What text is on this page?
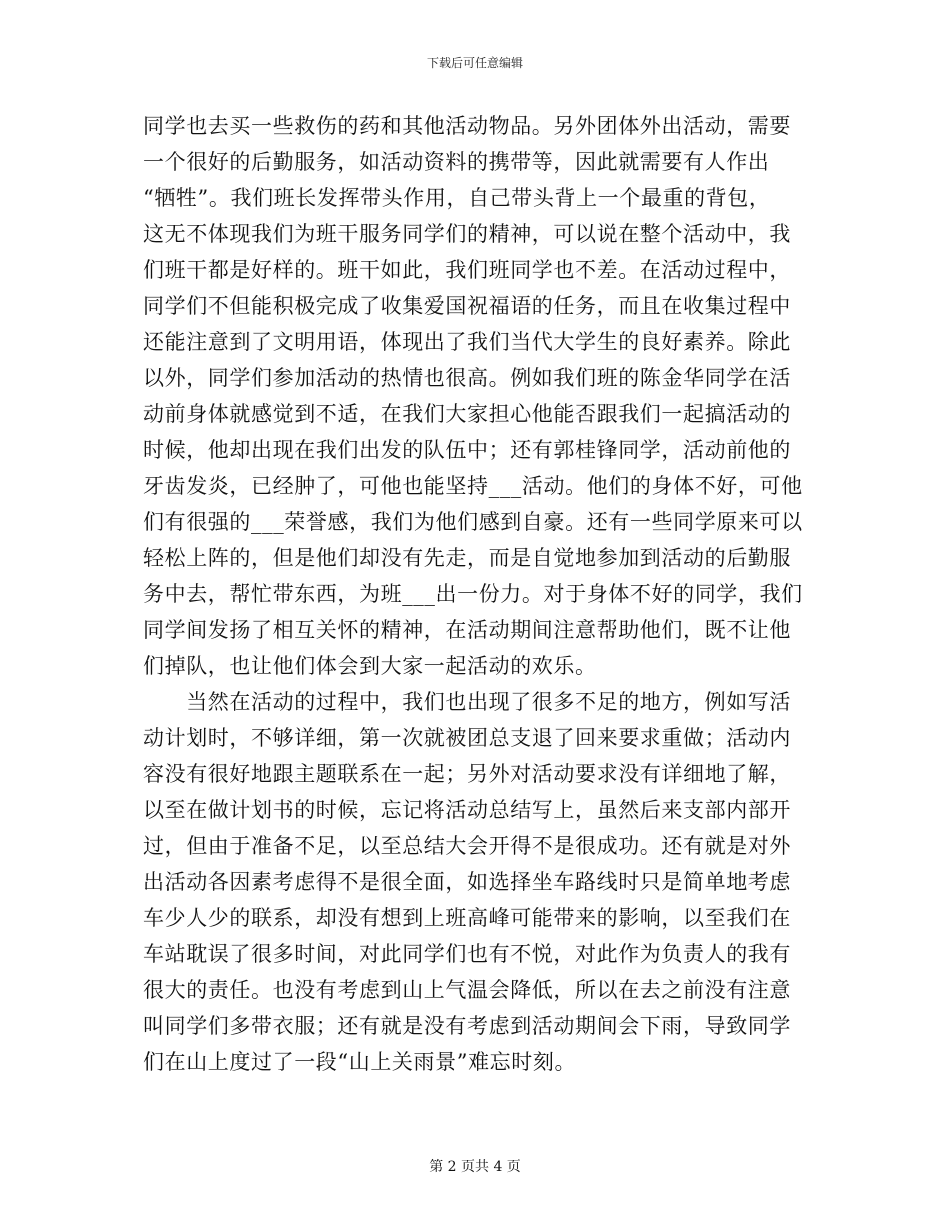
下载后可任意编辑
同学也去买一些救伤的药和其他活动物品。另外团体外出活动，需要
一个很好的后勤服务，如活动资料的携带等，因此就需要有人作出
“牺牲”。我们班长发挥带头作用，自己带头背上一个最重的背包，
这无不体现我们为班干服务同学们的精神，可以说在整个活动中，我
们班干都是好样的。班干如此，我们班同学也不差。在活动过程中，
同学们不但能积极完成了收集爱国祝福语的任务，而且在收集过程中
还能注意到了文明用语，体现出了我们当代大学生的良好素养。除此
以外，同学们参加活动的热情也很高。例如我们班的陈金华同学在活
动前身体就感觉到不适，在我们大家担心他能否跟我们一起搞活动的
时候，他却出现在我们出发的队伍中；还有郭桂锋同学，活动前他的
牙齿发炎，已经肿了，可他也能坚持___活动。他们的身体不好，可他
们有很强的___荣誉感，我们为他们感到自豪。还有一些同学原来可以
轻松上阵的，但是他们却没有先走，而是自觉地参加到活动的后勤服
务中去，帮忙带东西，为班___出一份力。对于身体不好的同学，我们
同学间发扬了相互关怀的精神，在活动期间注意帮助他们，既不让他
们掉队，也让他们体会到大家一起活动的欢乐。
　　当然在活动的过程中，我们也出现了很多不足的地方，例如写活
动计划时，不够详细，第一次就被团总支退了回来要求重做；活动内
容没有很好地跟主题联系在一起；另外对活动要求没有详细地了解，
以至在做计划书的时候，忘记将活动总结写上，虽然后来支部内部开
过，但由于准备不足，以至总结大会开得不是很成功。还有就是对外
出活动各因素考虑得不是很全面，如选择坐车路线时只是简单地考虑
车少人少的联系，却没有想到上班高峰可能带来的影响，以至我们在
车站耽误了很多时间，对此同学们也有不悦，对此作为负责人的我有
很大的责任。也没有考虑到山上气温会降低，所以在去之前没有注意
叫同学们多带衣服；还有就是没有考虑到活动期间会下雨，导致同学
们在山上度过了一段“山上关雨景”难忘时刻。
第 2 页共 4 页
